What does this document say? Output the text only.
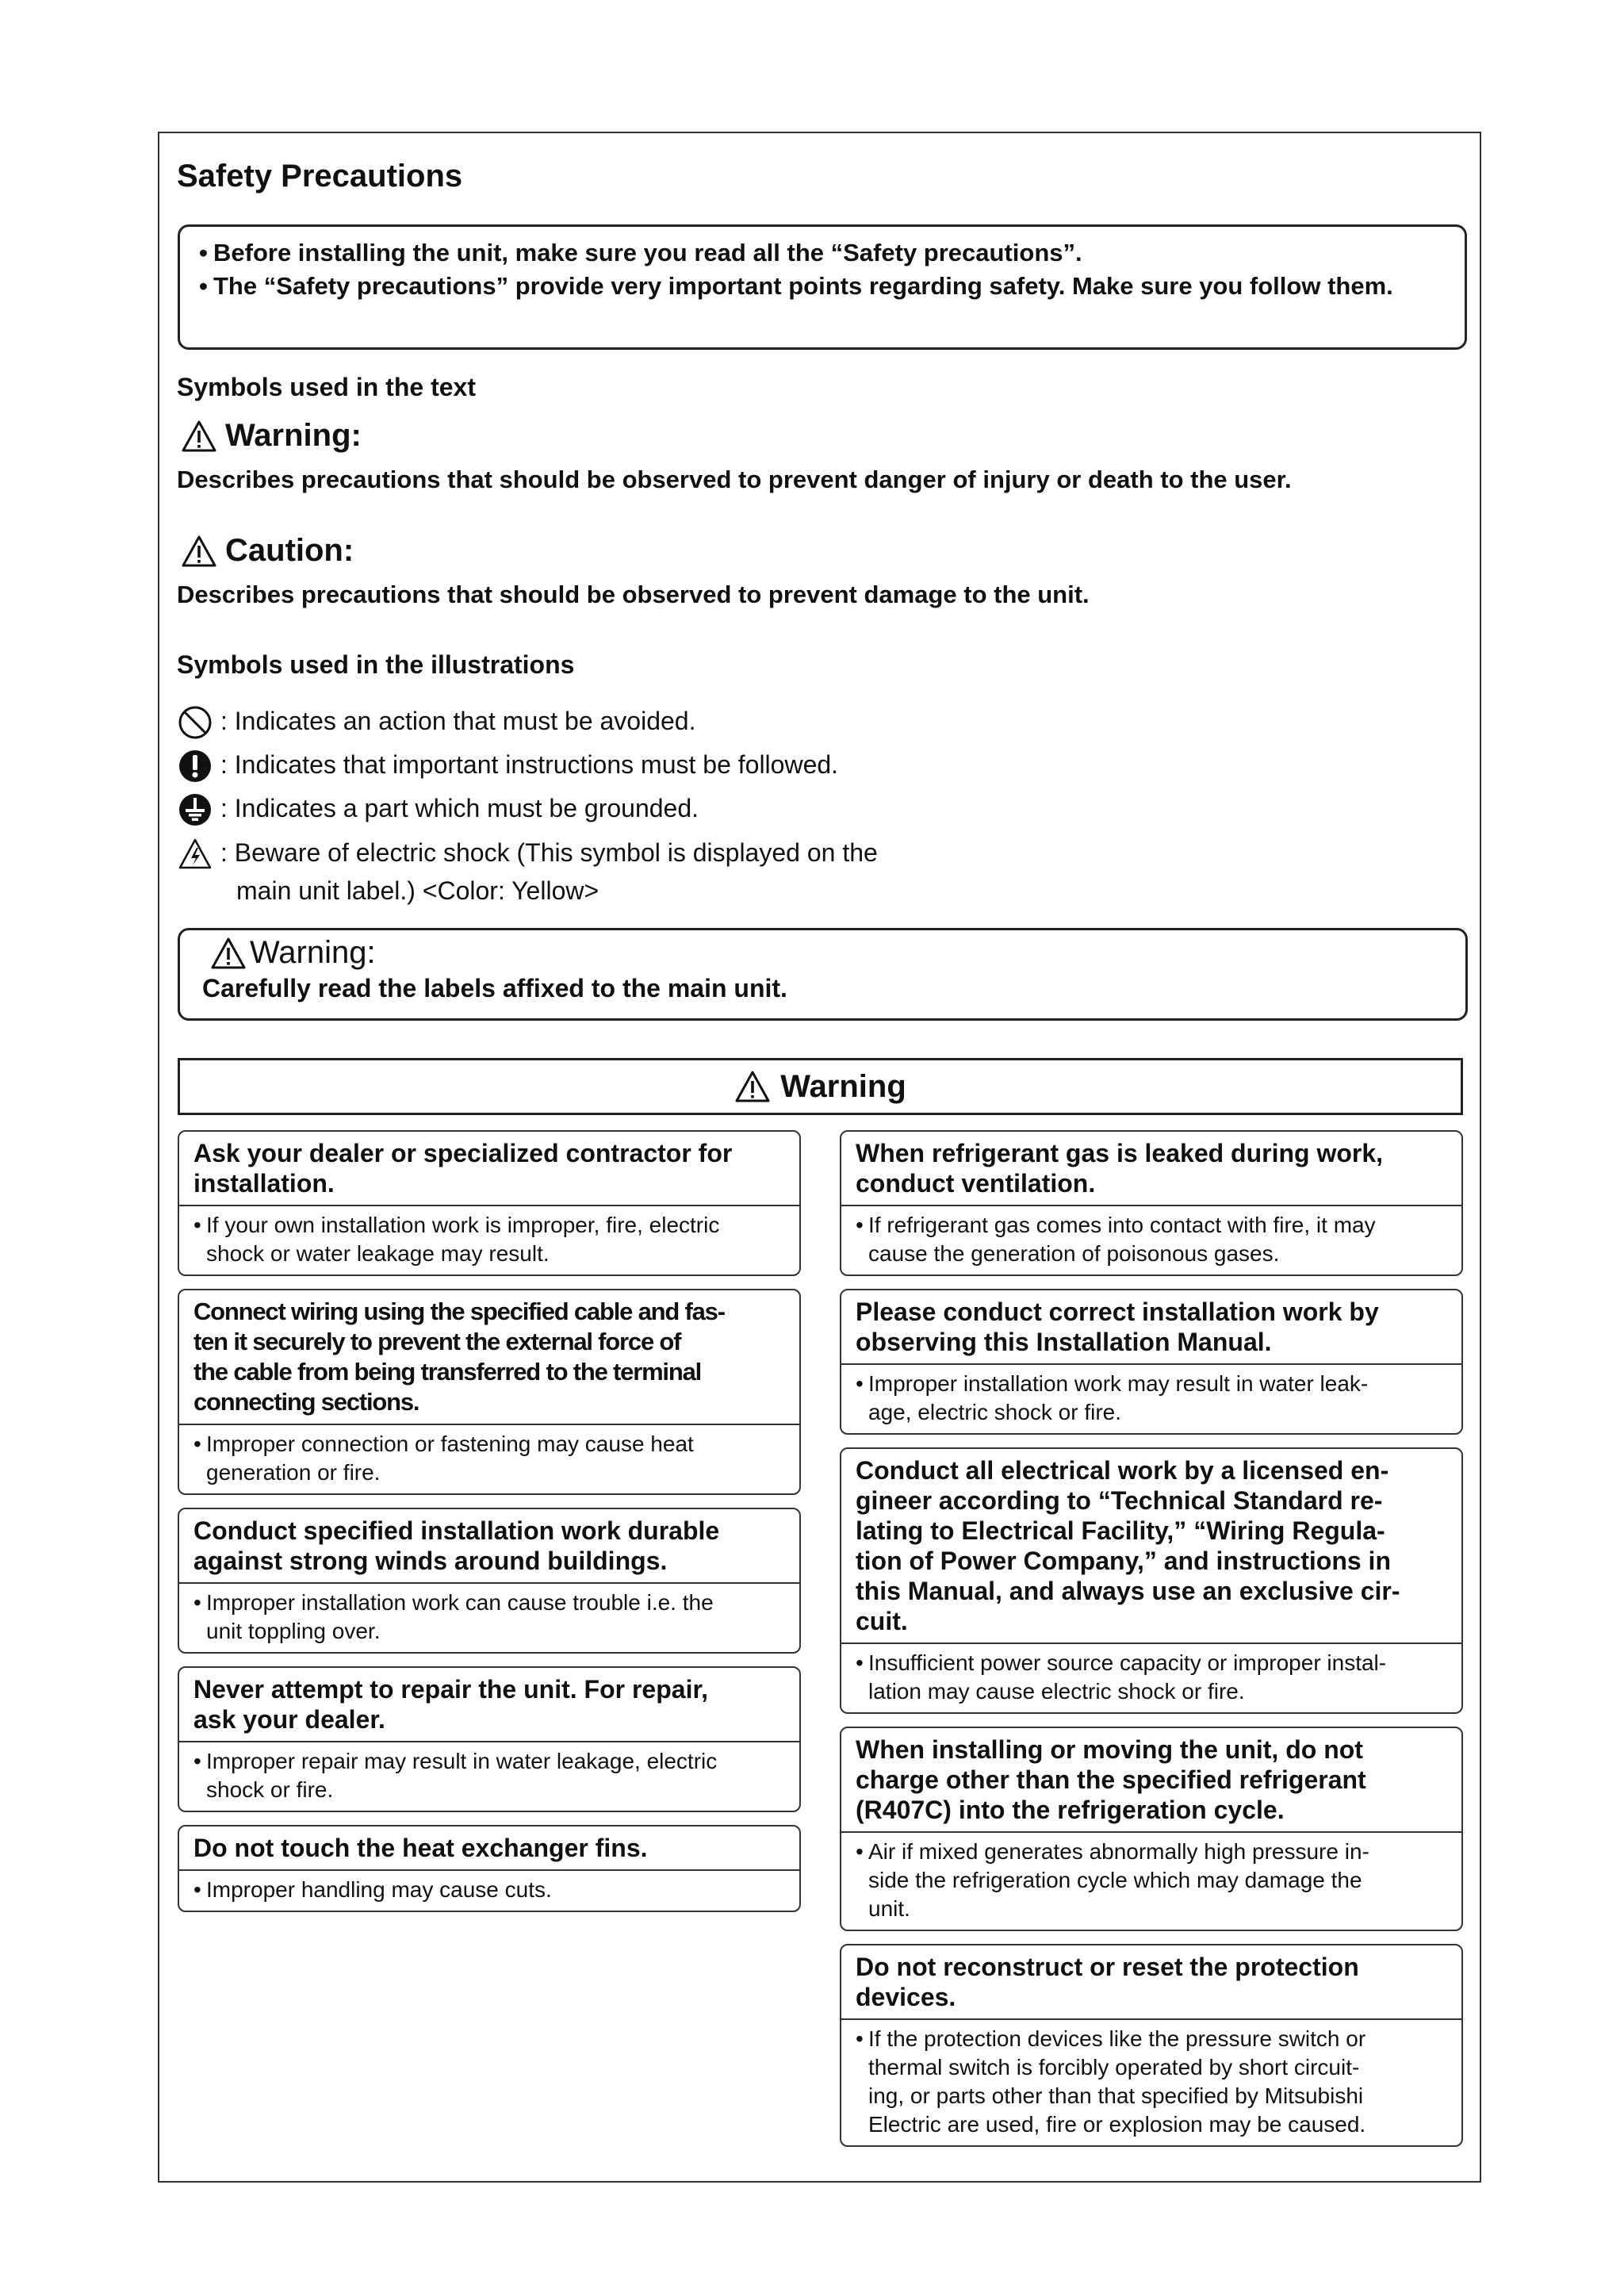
Safety Precautions
• Before installing the unit, make sure you read all the “Safety precautions”.
• The “Safety precautions” provide very important points regarding safety. Make sure you follow them.
Symbols used in the text
Warning:
Describes precautions that should be observed to prevent danger of injury or death to the user.
Caution:
Describes precautions that should be observed to prevent damage to the unit.
Symbols used in the illustrations
: Indicates an action that must be avoided.
: Indicates that important instructions must be followed.
: Indicates a part which must be grounded.
: Beware of electric shock (This symbol is displayed on the
main unit label.) <Color: Yellow>
Warning:
Carefully read the labels affixed to the main unit.
Warning
Ask your dealer or specialized contractor for
installation.
• If your own installation work is improper, fire, electric
shock or water leakage may result.
Connect wiring using the specified cable and fas-
ten it securely to prevent the external force of
the cable from being transferred to the terminal
connecting sections.
• Improper connection or fastening may cause heat
generation or fire.
Conduct specified installation work durable
against strong winds around buildings.
• Improper installation work can cause trouble i.e. the
unit toppling over.
Never attempt to repair the unit. For repair,
ask your dealer.
• Improper repair may result in water leakage, electric
shock or fire.
Do not touch the heat exchanger fins.
• Improper handling may cause cuts.
When refrigerant gas is leaked during work,
conduct ventilation.
• If refrigerant gas comes into contact with fire, it may
cause the generation of poisonous gases.
Please conduct correct installation work by
observing this Installation Manual.
• Improper installation work may result in water leak-
age, electric shock or fire.
Conduct all electrical work by a licensed en-
gineer according to “Technical Standard re-
lating to Electrical Facility,” “Wiring Regula-
tion of Power Company,” and instructions in
this Manual, and always use an exclusive cir-
cuit.
• Insufficient power source capacity or improper instal-
lation may cause electric shock or fire.
When installing or moving the unit, do not
charge other than the specified refrigerant
(R407C) into the refrigeration cycle.
• Air if mixed generates abnormally high pressure in-
side the refrigeration cycle which may damage the
unit.
Do not reconstruct or reset the protection
devices.
• If the protection devices like the pressure switch or
thermal switch is forcibly operated by short circuit-
ing, or parts other than that specified by Mitsubishi
Electric are used, fire or explosion may be caused.
